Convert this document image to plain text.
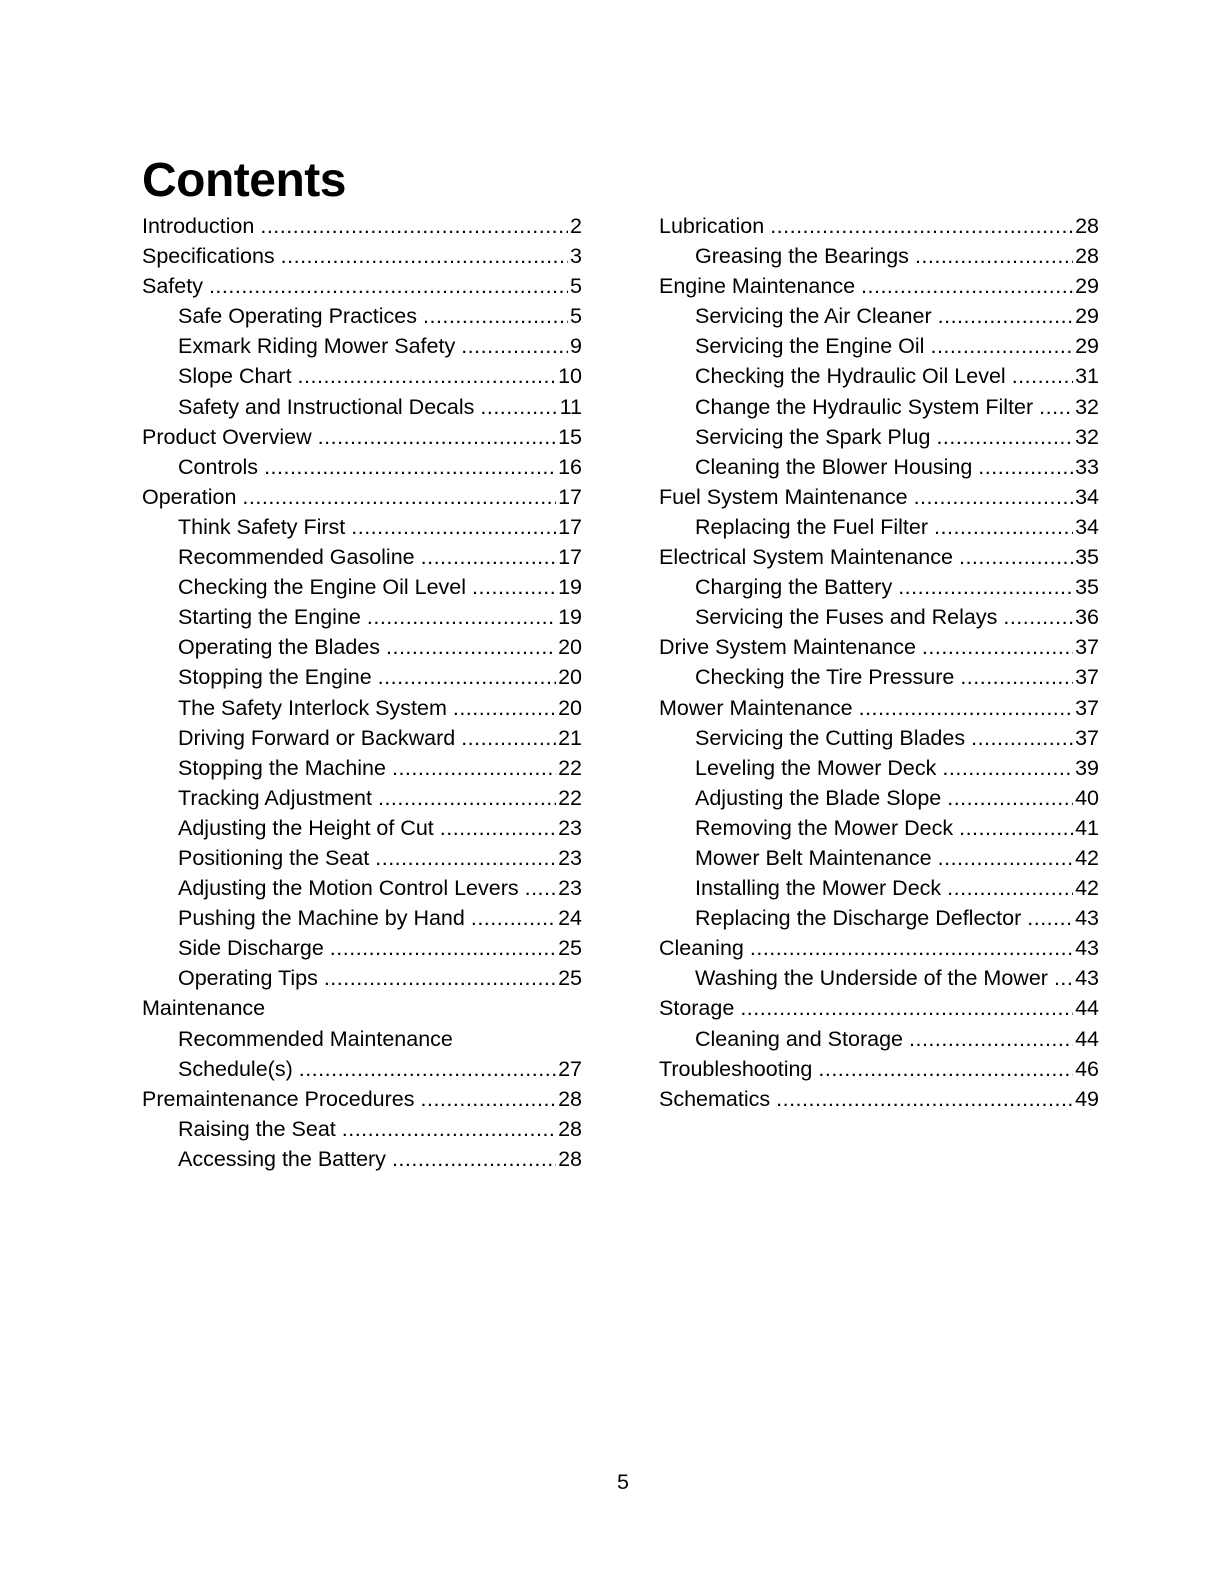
Contents
Introduction .....	2
Specifications .....	3
Safety .....	5
Safe Operating Practices .....	5
Exmark Riding Mower Safety .....	9
Slope Chart .....	10
Safety and Instructional Decals .....	11
Product Overview .....	15
Controls .....	16
Operation .....	17
Think Safety First .....	17
Recommended Gasoline .....	17
Checking the Engine Oil Level .....	19
Starting the Engine .....	19
Operating the Blades .....	20
Stopping the Engine .....	20
The Safety Interlock System .....	20
Driving Forward or Backward .....	21
Stopping the Machine .....	22
Tracking Adjustment .....	22
Adjusting the Height of Cut .....	23
Positioning the Seat .....	23
Adjusting the Motion Control Levers ..... 23
Pushing the Machine by Hand .....	24
Side Discharge .....	25
Operating Tips .....	25
Maintenance
Recommended Maintenance
Schedule(s) .....	27
Premaintenance Procedures .....	28
Raising the Seat .....	28
Accessing the Battery .....	28
Lubrication .....	28
Greasing the Bearings .....	28
Engine Maintenance .....	29
Servicing the Air Cleaner .....	29
Servicing the Engine Oil .....	29
Checking the Hydraulic Oil Level .....	31
Change the Hydraulic System Filter ..... 32
Servicing the Spark Plug .....	32
Cleaning the Blower Housing .....	33
Fuel System Maintenance .....	34
Replacing the Fuel Filter .....	34
Electrical System Maintenance .....	35
Charging the Battery .....	35
Servicing the Fuses and Relays .....	36
Drive System Maintenance .....	37
Checking the Tire Pressure .....	37
Mower Maintenance .....	37
Servicing the Cutting Blades .....	37
Leveling the Mower Deck .....	39
Adjusting the Blade Slope .....	40
Removing the Mower Deck .....	41
Mower Belt Maintenance .....	42
Installing the Mower Deck .....	42
Replacing the Discharge Deflector .....	43
Cleaning .....	43
Washing the Underside of the Mower ..... 43
Storage .....	44
Cleaning and Storage .....	44
Troubleshooting .....	46
Schematics .....	49

5
